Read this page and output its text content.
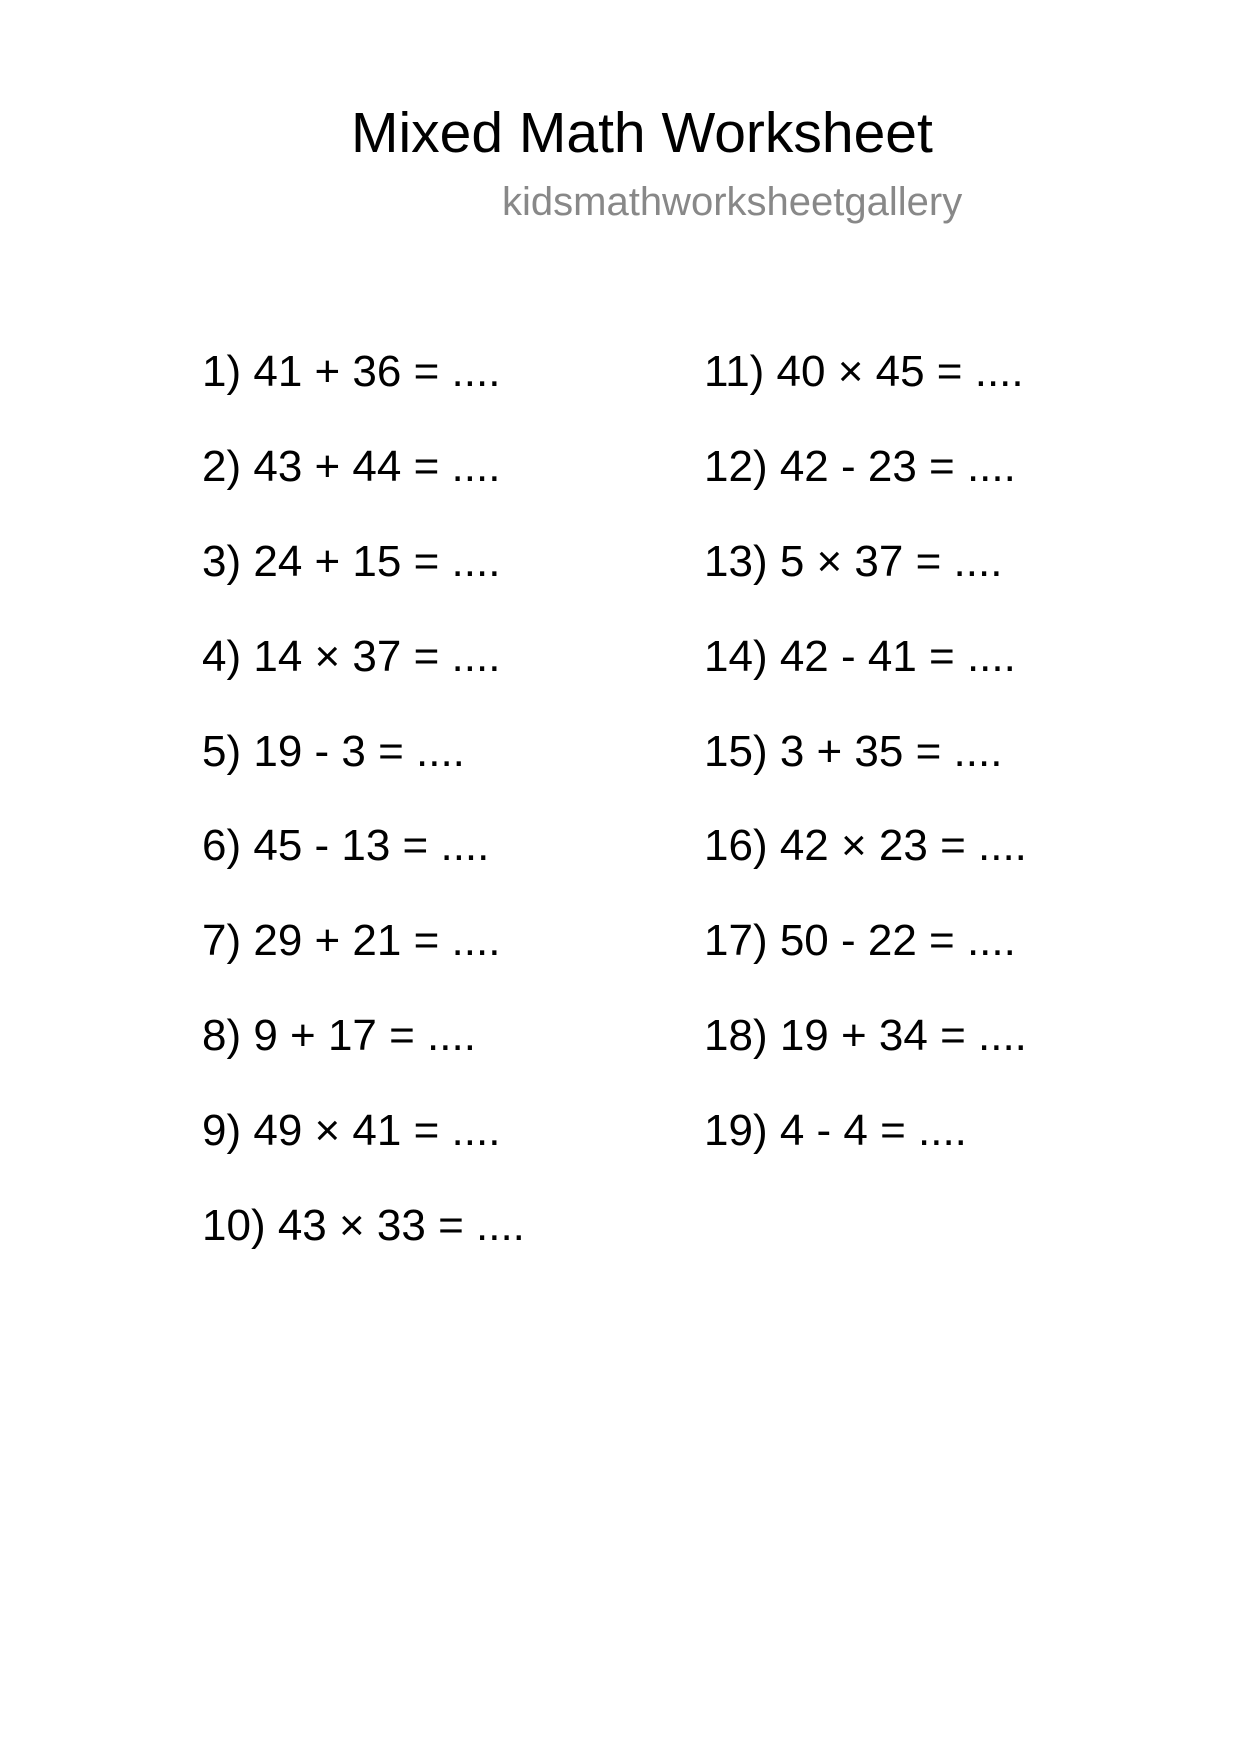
Mixed Math Worksheet
kidsmathworksheetgallery
1) 41 + 36 = ....
2) 43 + 44 = ....
3) 24 + 15 = ....
4) 14 × 37 = ....
5) 19 - 3 = ....
6) 45 - 13 = ....
7) 29 + 21 = ....
8) 9 + 17 = ....
9) 49 × 41 = ....
10) 43 × 33 = ....
11) 40 × 45 = ....
12) 42 - 23 = ....
13) 5 × 37 = ....
14) 42 - 41 = ....
15) 3 + 35 = ....
16) 42 × 23 = ....
17) 50 - 22 = ....
18) 19 + 34 = ....
19) 4 - 4 = ....
